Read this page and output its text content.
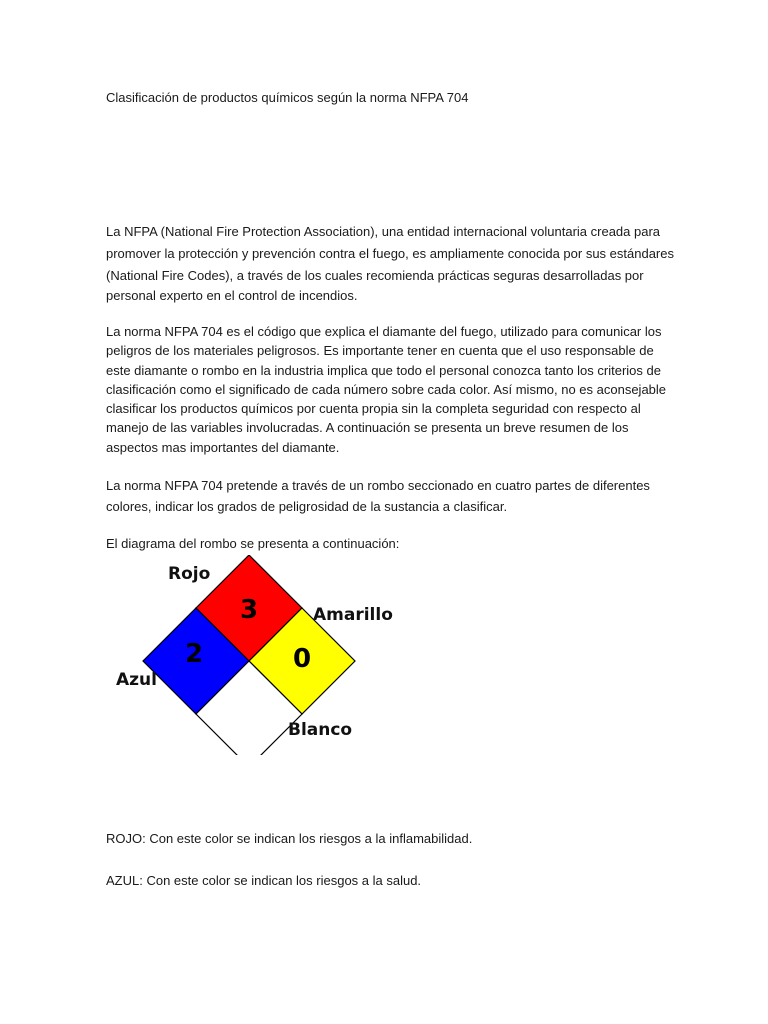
Clasificación de productos químicos según la norma NFPA 704
La NFPA (National Fire Protection Association), una entidad internacional voluntaria creada para
promover la protección y prevención contra el fuego, es ampliamente conocida por sus estándares
(National Fire Codes), a través de los cuales recomienda prácticas seguras desarrolladas por
personal experto en el control de incendios.
La norma NFPA 704 es el código que explica el diamante del fuego, utilizado para comunicar los
peligros de los materiales peligrosos. Es importante tener en cuenta que el uso responsable de
este diamante o rombo en la industria implica que todo el personal conozca tanto los criterios de
clasificación como el significado de cada número sobre cada color. Así mismo, no es aconsejable
clasificar los productos químicos por cuenta propia sin la completa seguridad con respecto al
manejo de las variables involucradas. A continuación se presenta un breve resumen de los
aspectos mas importantes del diamante.
La norma NFPA 704 pretende a través de un rombo seccionado en cuatro partes de diferentes
colores, indicar los grados de peligrosidad de la sustancia a clasificar.
El diagrama del rombo se presenta a continuación:
3
2	0
Rojo
Amarillo
Azul
Blanco
ROJO: Con este color se indican los riesgos a la inflamabilidad.
AZUL: Con este color se indican los riesgos a la salud.
